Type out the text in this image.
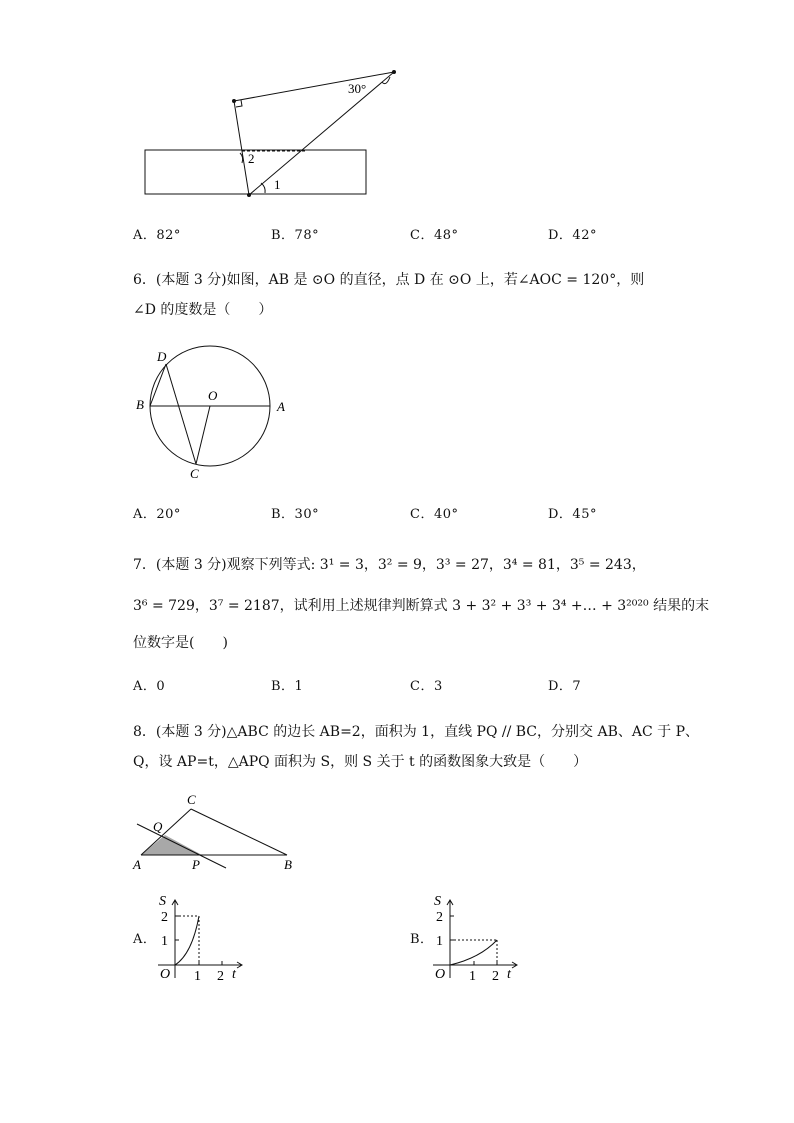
30°
2
1
A．82°	B．78°	C．48°	D．42°
6．(本题 3 分)如图，AB 是 ⊙O 的直径，点 D 在 ⊙O 上，若∠AOC = 120°，则
∠D 的度数是（　　）
D
O
B	A
C
A．20°	B．30°	C．40°	D．45°
7．(本题 3 分)观察下列等式: 3¹ = 3，3² = 9，3³ = 27，3⁴ = 81，3⁵ = 243，
3⁶ = 729，3⁷ = 2187，试利用上述规律判断算式 3 + 3² + 3³ + 3⁴ +… + 3²⁰²⁰ 结果的末
位数字是(　　)
A．0	B．1	C．3	D．7
8．(本题 3 分)△ABC 的边长 AB=2，面积为 1，直线 PQ // BC，分别交 AB、AC 于 P、
Q，设 AP=t，△APQ 面积为 S，则 S 关于 t 的函数图象大致是（　　）
C
Q
A	P	B
A．
S
t
O
2
1
1 2
B．
S
t
O
2
1
1 2
